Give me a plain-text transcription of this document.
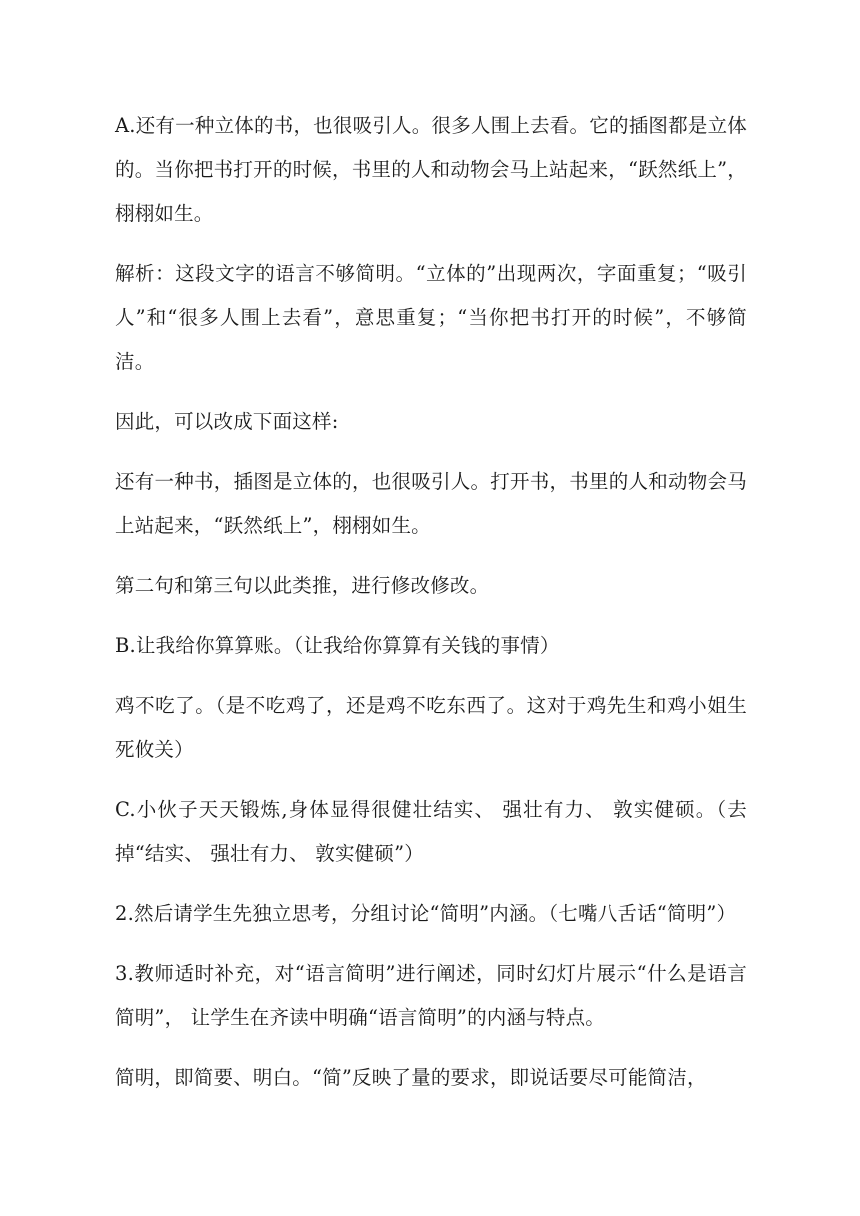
A.还有一种立体的书，也很吸引人。很多人围上去看。它的插图都是立体的。当你把书打开的时候，书里的人和动物会马上站起来，“跃然纸上”， 栩栩如生。

解析：这段文字的语言不够简明。“立体的”出现两次，字面重复；“吸引人”和“很多人围上去看”，意思重复；“当你把书打开的时候”，不够简洁。

因此，可以改成下面这样:

还有一种书，插图是立体的，也很吸引人。打开书，书里的人和动物会马上站起来，“跃然纸上”，栩栩如生。

第二句和第三句以此类推，进行修改修改。

B.让我给你算算账。（让我给你算算有关钱的事情）

鸡不吃了。（是不吃鸡了，还是鸡不吃东西了。这对于鸡先生和鸡小姐生死攸关）

C.小伙子天天锻炼,身体显得很健壮结实、 强壮有力、 敦实健硕。（去掉“结实、 强壮有力、 敦实健硕”）

2.然后请学生先独立思考，分组讨论“简明”内涵。（七嘴八舌话“简明”）

3.教师适时补充，对“语言简明”进行阐述，同时幻灯片展示“什么是语言简明”， 让学生在齐读中明确“语言简明”的内涵与特点。

简明，即简要、明白。“简”反映了量的要求，即说话要尽可能简洁，
